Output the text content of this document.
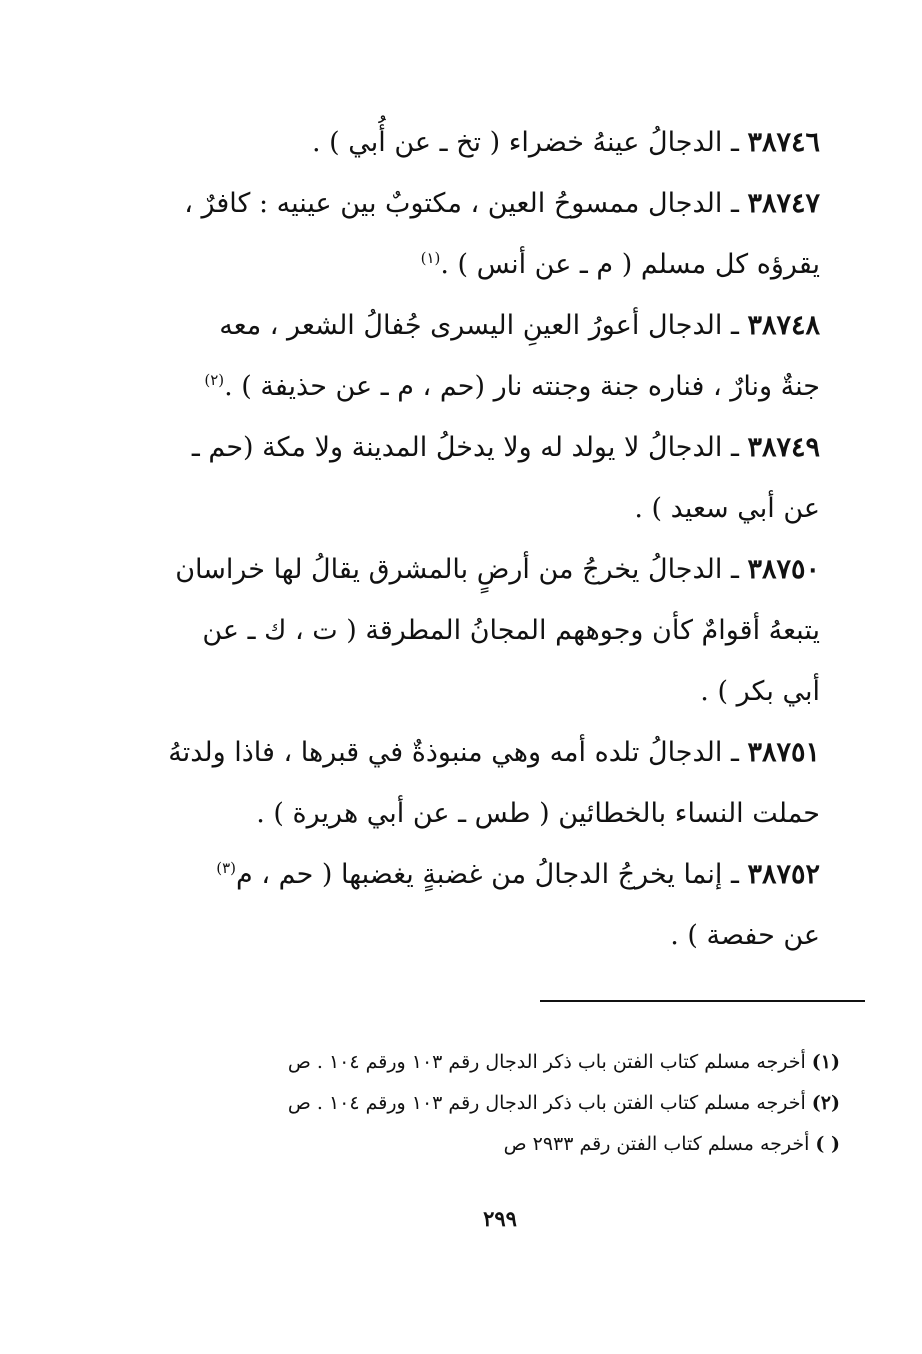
٣٨٧٤٦ ـ الدجالُ عينهُ خضراء ( تخ ـ عن أُبي ) .

٣٨٧٤٧ ـ الدجال ممسوحُ العين ، مكتوبٌ بين عينيه : كافرٌ ،
يقرؤه كل مسلم ( م ـ عن أنس ) .$^{(١)}$

٣٨٧٤٨ ـ الدجال أعورُ العينِ اليسرى جُفالُ الشعر ، معه
جنةٌ ونارٌ ، فناره جنة وجنته نار (حم ، م ـ عن حذيفة ) .$^{(٢)}$

٣٨٧٤٩ ـ الدجالُ لا يولد له ولا يدخلُ المدينة ولا مكة (حم ـ
عن أبي سعيد ) .

٣٨٧٥٠ ـ الدجالُ يخرجُ من أرضٍ بالمشرق يقالُ لها خراسان
يتبعهُ أقوامٌ كأن وجوههم المجانُ المطرقة ( ت ، ك ـ عن
أبي بكر ) .

٣٨٧٥١ ـ الدجالُ تلده أمه وهي منبوذةٌ في قبرها ، فاذا ولدتهُ
حملت النساء بالخطائين ( طس ـ عن أبي هريرة ) .

٣٨٧٥٢ ـ إنما يخرجُ الدجالُ من غضبةٍ يغضبها ( حم ، م$^{(٣)}$
عن حفصة ) .

(١)أخرجه مسلم كتاب الفتن باب ذكر الدجال رقم ١٠٣ ورقم ١٠٤ . ص

(٢)أخرجه مسلم كتاب الفتن باب ذكر الدجال رقم ١٠٣ ورقم ١٠٤ . ص

( )أخرجه مسلم كتاب الفتن رقم ٢٩٣٣ ص

٢٩٩
